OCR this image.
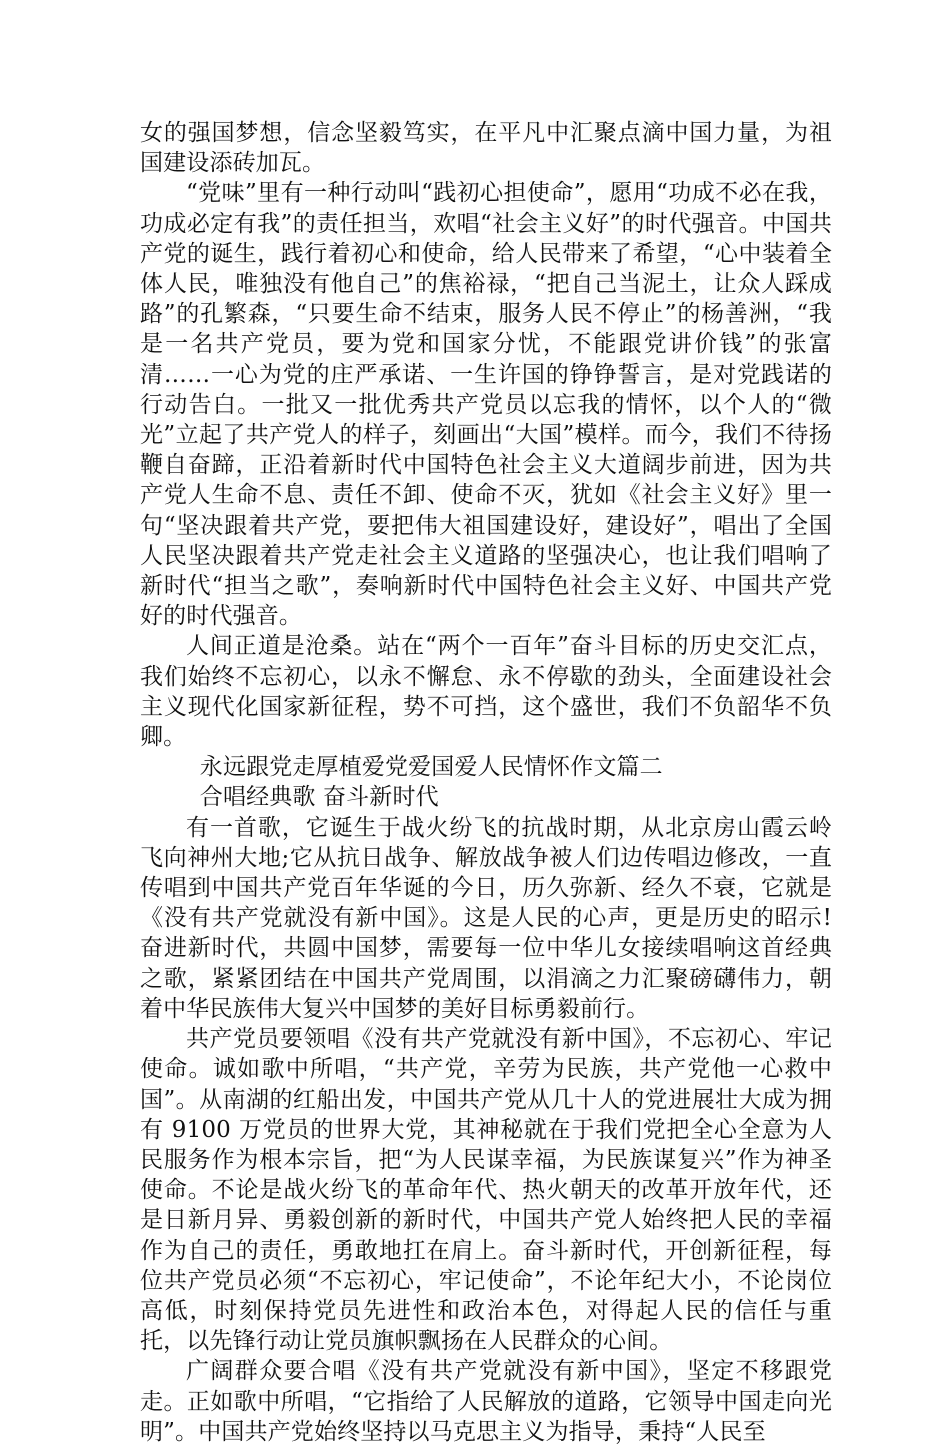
女的强国梦想，信念坚毅笃实，在平凡中汇聚点滴中国力量，为祖国建设添砖加瓦。

“党味”里有一种行动叫“践初心担使命”，愿用“功成不必在我，功成必定有我”的责任担当，欢唱“社会主义好”的时代强音。中国共产党的诞生，践行着初心和使命，给人民带来了希望，“心中装着全体人民，唯独没有他自己”的焦裕禄，“把自己当泥土，让众人踩成路”的孔繁森，“只要生命不结束，服务人民不停止”的杨善洲，“我是一名共产党员，要为党和国家分忧，不能跟党讲价钱”的张富清……一心为党的庄严承诺、一生许国的铮铮誓言，是对党践诺的行动告白。一批又一批优秀共产党员以忘我的情怀，以个人的“微光”立起了共产党人的样子，刻画出“大国”模样。而今，我们不待扬鞭自奋蹄，正沿着新时代中国特色社会主义大道阔步前进，因为共产党人生命不息、责任不卸、使命不灭，犹如《社会主义好》里一句“坚决跟着共产党，要把伟大祖国建设好，建设好”，唱出了全国人民坚决跟着共产党走社会主义道路的坚强决心，也让我们唱响了新时代“担当之歌”，奏响新时代中国特色社会主义好、中国共产党好的时代强音。

人间正道是沧桑。站在“两个一百年”奋斗目标的历史交汇点，我们始终不忘初心，以永不懈怠、永不停歇的劲头，全面建设社会主义现代化国家新征程，势不可挡，这个盛世，我们不负韶华不负卿。

永远跟党走厚植爱党爱国爱人民情怀作文篇二

合唱经典歌 奋斗新时代

有一首歌，它诞生于战火纷飞的抗战时期，从北京房山霞云岭飞向神州大地;它从抗日战争、解放战争被人们边传唱边修改，一直传唱到中国共产党百年华诞的今日，历久弥新、经久不衰，它就是《没有共产党就没有新中国》。这是人民的心声，更是历史的昭示!奋进新时代，共圆中国梦，需要每一位中华儿女接续唱响这首经典之歌，紧紧团结在中国共产党周围，以涓滴之力汇聚磅礴伟力，朝着中华民族伟大复兴中国梦的美好目标勇毅前行。

共产党员要领唱《没有共产党就没有新中国》，不忘初心、牢记使命。诚如歌中所唱，“共产党，辛劳为民族，共产党他一心救中国”。从南湖的红船出发，中国共产党从几十人的党进展壮大成为拥有 9100 万党员的世界大党，其神秘就在于我们党把全心全意为人民服务作为根本宗旨，把“为人民谋幸福，为民族谋复兴”作为神圣使命。不论是战火纷飞的革命年代、热火朝天的改革开放年代，还是日新月异、勇毅创新的新时代，中国共产党人始终把人民的幸福作为自己的责任，勇敢地扛在肩上。奋斗新时代，开创新征程，每位共产党员必须“不忘初心，牢记使命”，不论年纪大小，不论岗位高低，时刻保持党员先进性和政治本色，对得起人民的信任与重托，以先锋行动让党员旗帜飘扬在人民群众的心间。

广阔群众要合唱《没有共产党就没有新中国》，坚定不移跟党走。正如歌中所唱，“它指给了人民解放的道路，它领导中国走向光明”。中国共产党始终坚持以马克思主义为指导，秉持“人民至
